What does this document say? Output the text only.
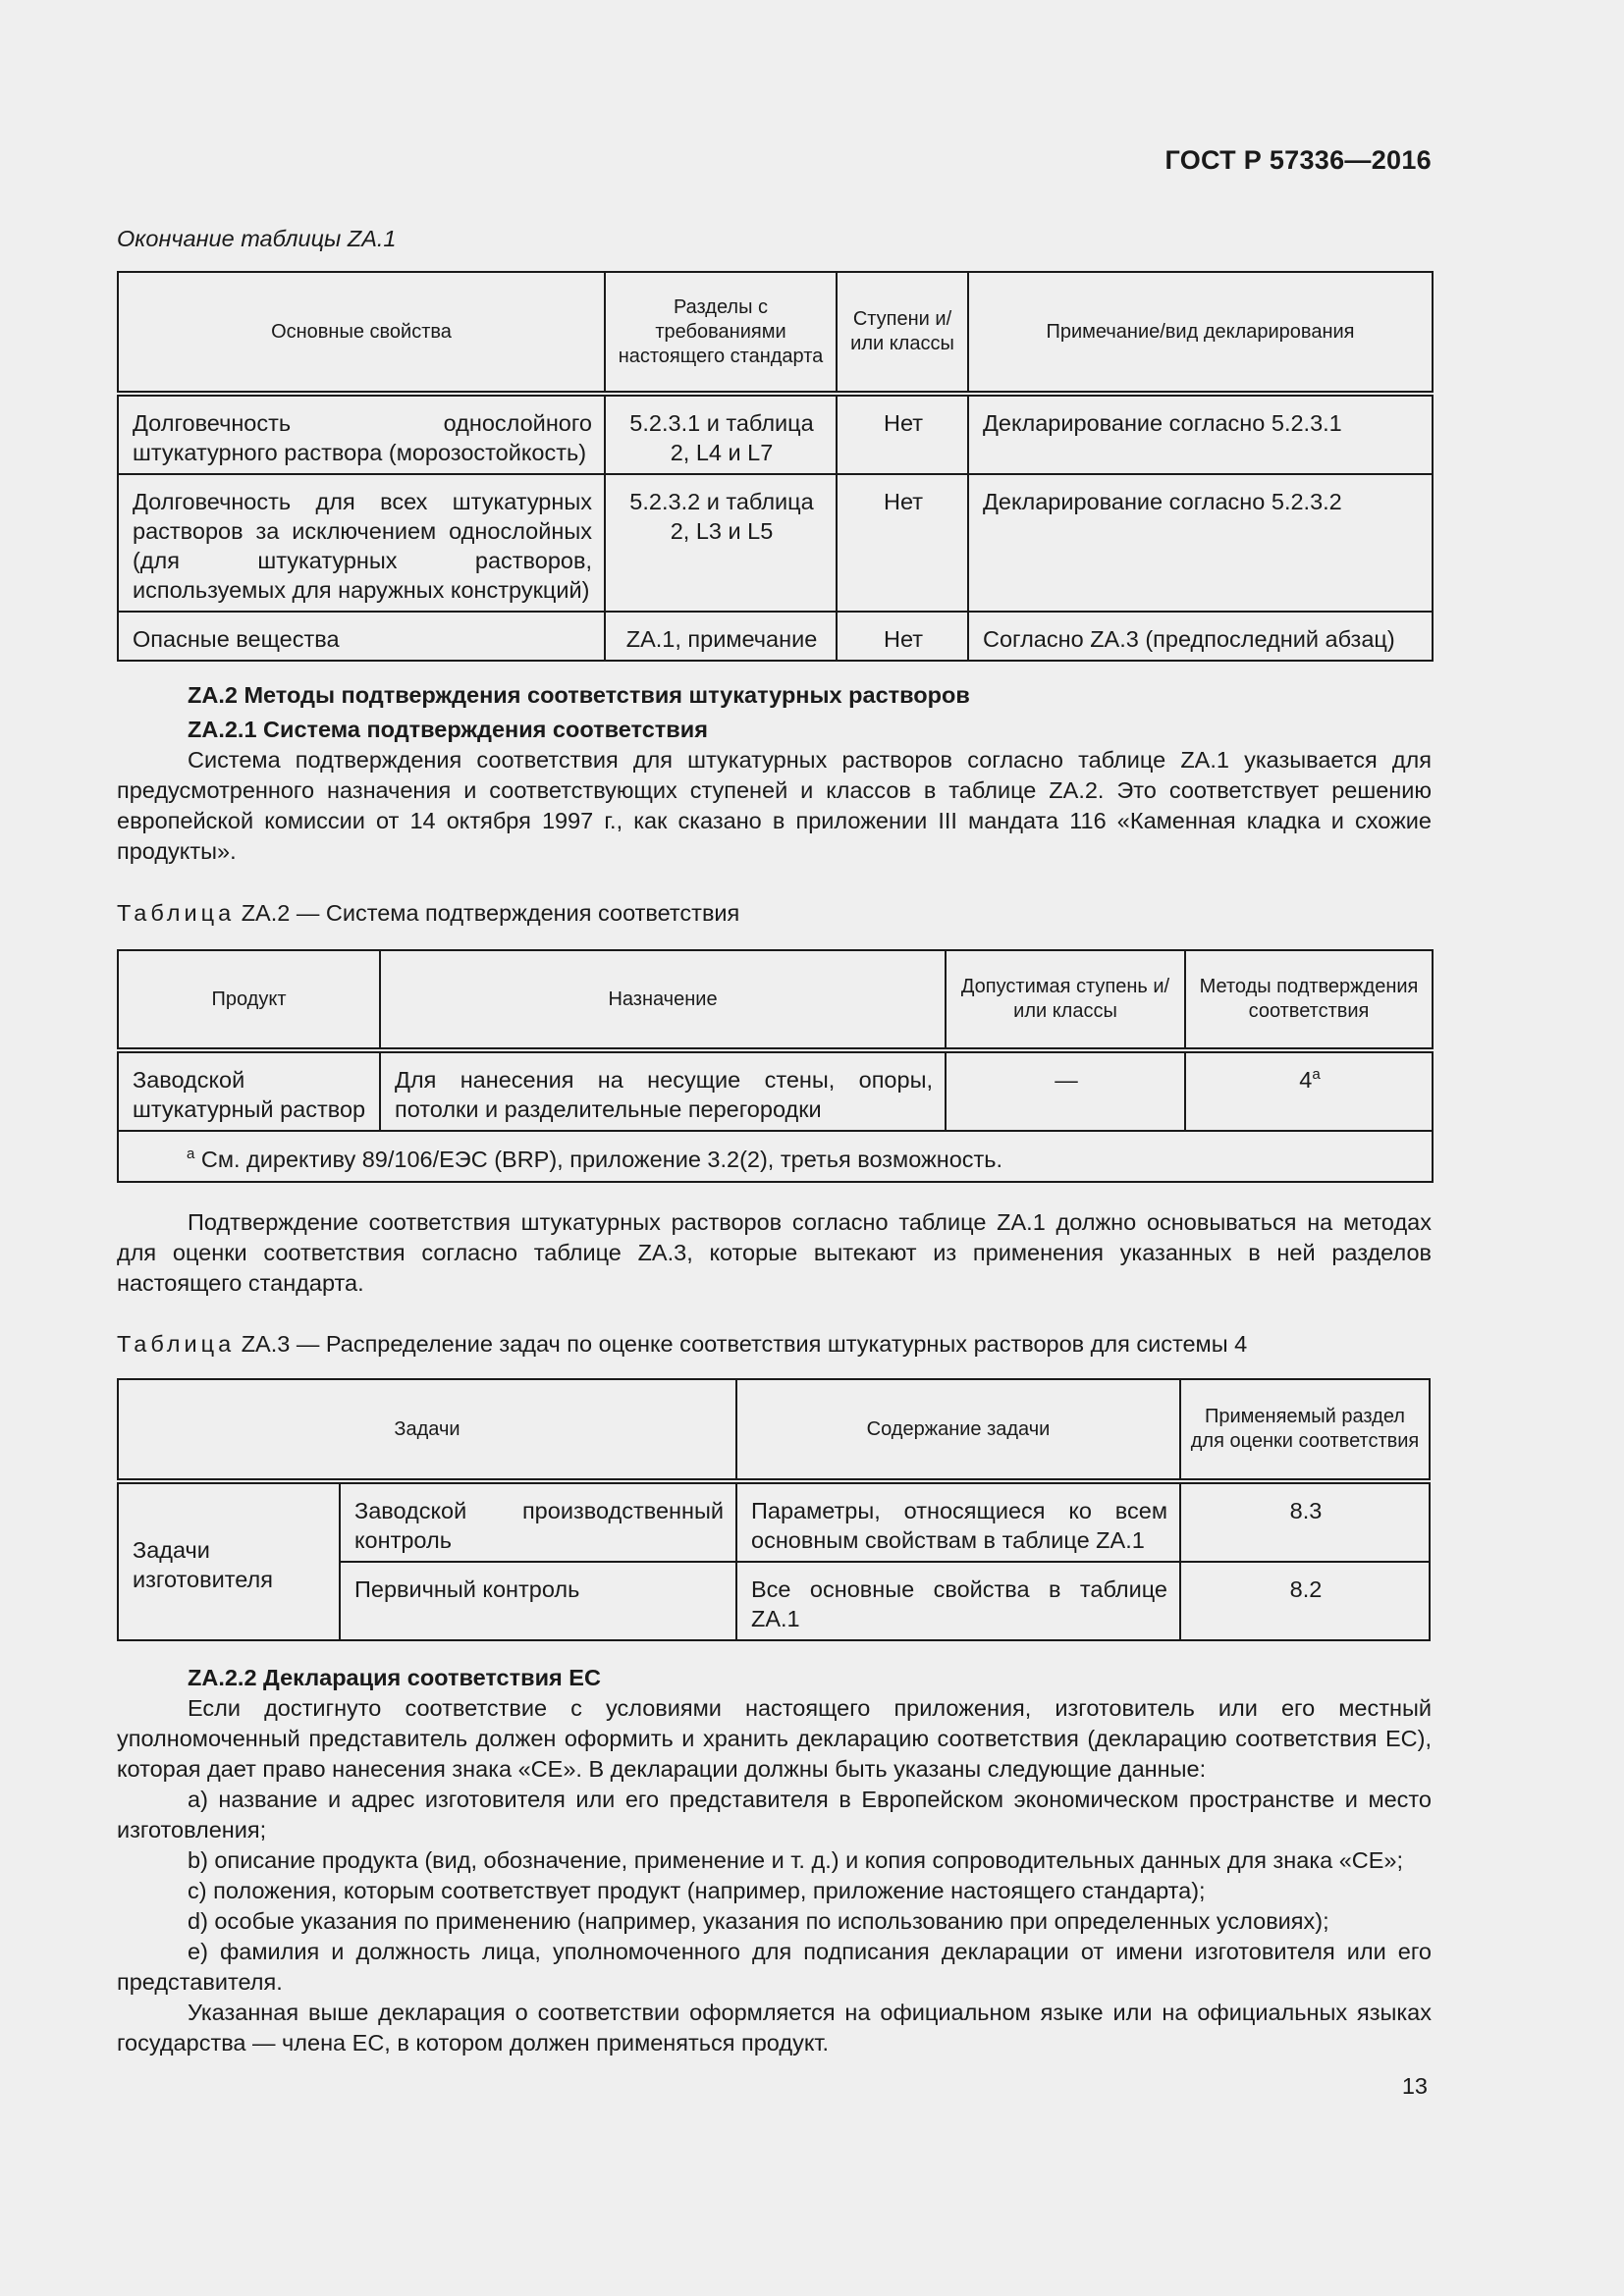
ГОСТ Р 57336—2016
Окончание таблицы ZA.1
Основные свойства	Разделы с требованиями настоящего стандарта	Ступени и/или классы	Примечание/вид декларирования
Долговечность однослойного штукатурного раствора (морозостойкость)	5.2.3.1 и таблица 2, L4 и L7	Нет	Декларирование согласно 5.2.3.1
Долговечность для всех штукатурных растворов за исключением однослойных (для штукатурных растворов, используемых для наружных конструкций)	5.2.3.2 и таблица 2, L3 и L5	Нет	Декларирование согласно 5.2.3.2
Опасные вещества	ZA.1, примечание	Нет	Согласно ZA.3 (предпоследний абзац)

ZA.2 Методы подтверждения соответствия штукатурных растворов

ZA.2.1 Система подтверждения соответствия

Система подтверждения соответствия для штукатурных растворов согласно таблице ZA.1 указывается для предусмотренного назначения и соответствующих ступеней и классов в таблице ZA.2. Это соответствует решению европейской комиссии от 14 октября 1997 г., как сказано в приложении III мандата 116 «Каменная кладка и схожие продукты».

Таблица ZA.2 — Система подтверждения соответствия
Продукт	Назначение	Допустимая ступень и/или классы	Методы подтверждения соответствия
Заводской штукатурный раствор	Для нанесения на несущие стены, опоры, потолки и разделительные перегородки	—	4$^a$
$^a$ См. директиву 89/106/ЕЭС (BRP), приложение 3.2(2), третья возможность.			

Подтверждение соответствия штукатурных растворов согласно таблице ZA.1 должно основываться на методах для оценки соответствия согласно таблице ZA.3, которые вытекают из применения указанных в ней разделов настоящего стандарта.

Таблица ZA.3 — Распределение задач по оценке соответствия штукатурных растворов для системы 4
Задачи		Содержание задачи	Применяемый раздел для оценки соответствия
Задачи изготовителя	Заводской производственный контроль	Параметры, относящиеся ко всем основным свойствам в таблице ZA.1	8.3
	Первичный контроль	Все основные свойства в таблице ZA.1	8.2

ZA.2.2 Декларация соответствия ЕС

Если достигнуто соответствие с условиями настоящего приложения, изготовитель или его местный уполномоченный представитель должен оформить и хранить декларацию соответствия (декларацию соответствия ЕС), которая дает право нанесения знака «СЕ». В декларации должны быть указаны следующие данные:

a) название и адрес изготовителя или его представителя в Европейском экономическом пространстве и место изготовления;

b) описание продукта (вид, обозначение, применение и т. д.) и копия сопроводительных данных для знака «СЕ»;

c) положения, которым соответствует продукт (например, приложение настоящего стандарта);

d) особые указания по применению (например, указания по использованию при определенных условиях);

e) фамилия и должность лица, уполномоченного для подписания декларации от имени изготовителя или его представителя.

Указанная выше декларация о соответствии оформляется на официальном языке или на официальных языках государства — члена ЕС, в котором должен применяться продукт.

13
